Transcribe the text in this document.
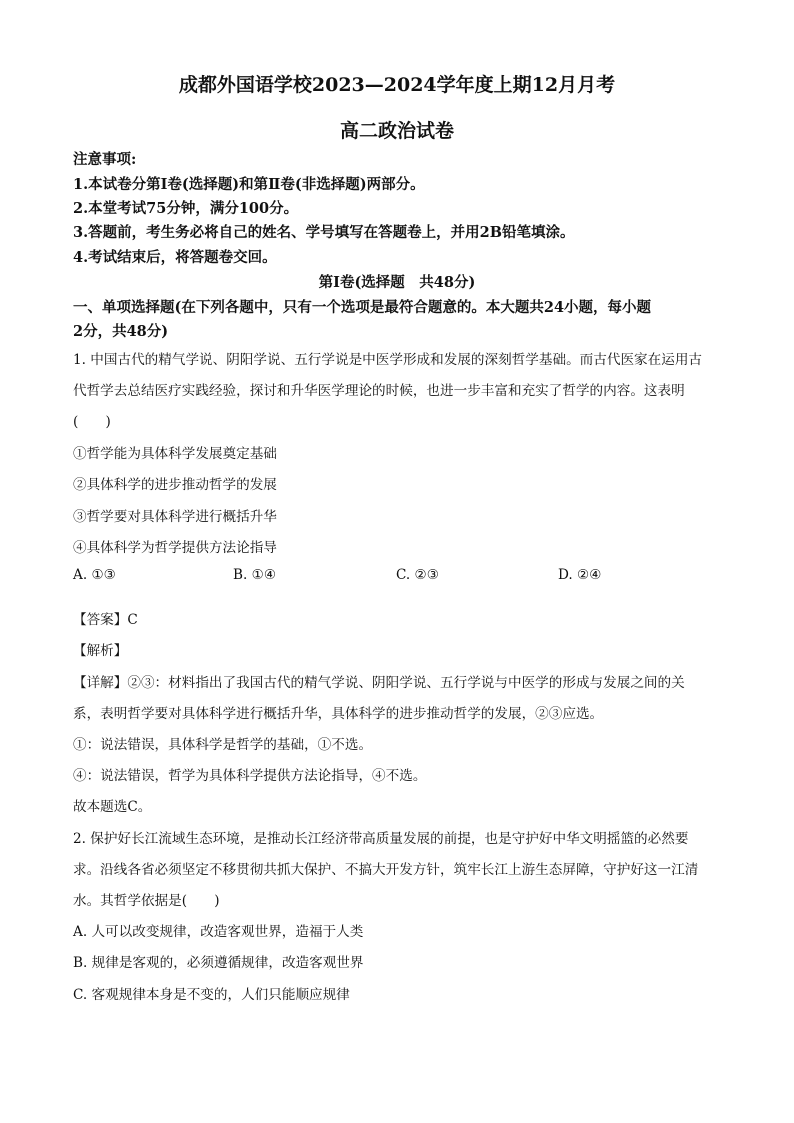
成都外国语学校2023—2024学年度上期12月月考
高二政治试卷
注意事项:
1.本试卷分第Ⅰ卷(选择题)和第Ⅱ卷(非选择题)两部分。
2.本堂考试75分钟，满分100分。
3.答题前，考生务必将自己的姓名、学号填写在答题卷上，并用2B铅笔填涂。
4.考试结束后，将答题卷交回。
第Ⅰ卷(选择题　共48分)
一、单项选择题(在下列各题中，只有一个选项是最符合题意的。本大题共24小题，每小题
2分，共48分)
1. 中国古代的精气学说、阴阳学说、五行学说是中医学形成和发展的深刻哲学基础。而古代医家在运用古
代哲学去总结医疗实践经验，探讨和升华医学理论的时候，也进一步丰富和充实了哲学的内容。这表明
(　　)
①哲学能为具体科学发展奠定基础
②具体科学的进步推动哲学的发展
③哲学要对具体科学进行概括升华
④具体科学为哲学提供方法论指导
A. ①③	B. ①④	C. ②③	D. ②④
【答案】C
【解析】
【详解】②③：材料指出了我国古代的精气学说、阴阳学说、五行学说与中医学的形成与发展之间的关
系，表明哲学要对具体科学进行概括升华，具体科学的进步推动哲学的发展，②③应选。
①：说法错误，具体科学是哲学的基础，①不选。
④：说法错误，哲学为具体科学提供方法论指导，④不选。
故本题选C。
2. 保护好长江流域生态环境，是推动长江经济带高质量发展的前提，也是守护好中华文明摇篮的必然要
求。沿线各省必须坚定不移贯彻共抓大保护、不搞大开发方针，筑牢长江上游生态屏障，守护好这一江清
水。其哲学依据是(　　)
A. 人可以改变规律，改造客观世界，造福于人类
B. 规律是客观的，必须遵循规律，改造客观世界
C. 客观规律本身是不变的，人们只能顺应规律
